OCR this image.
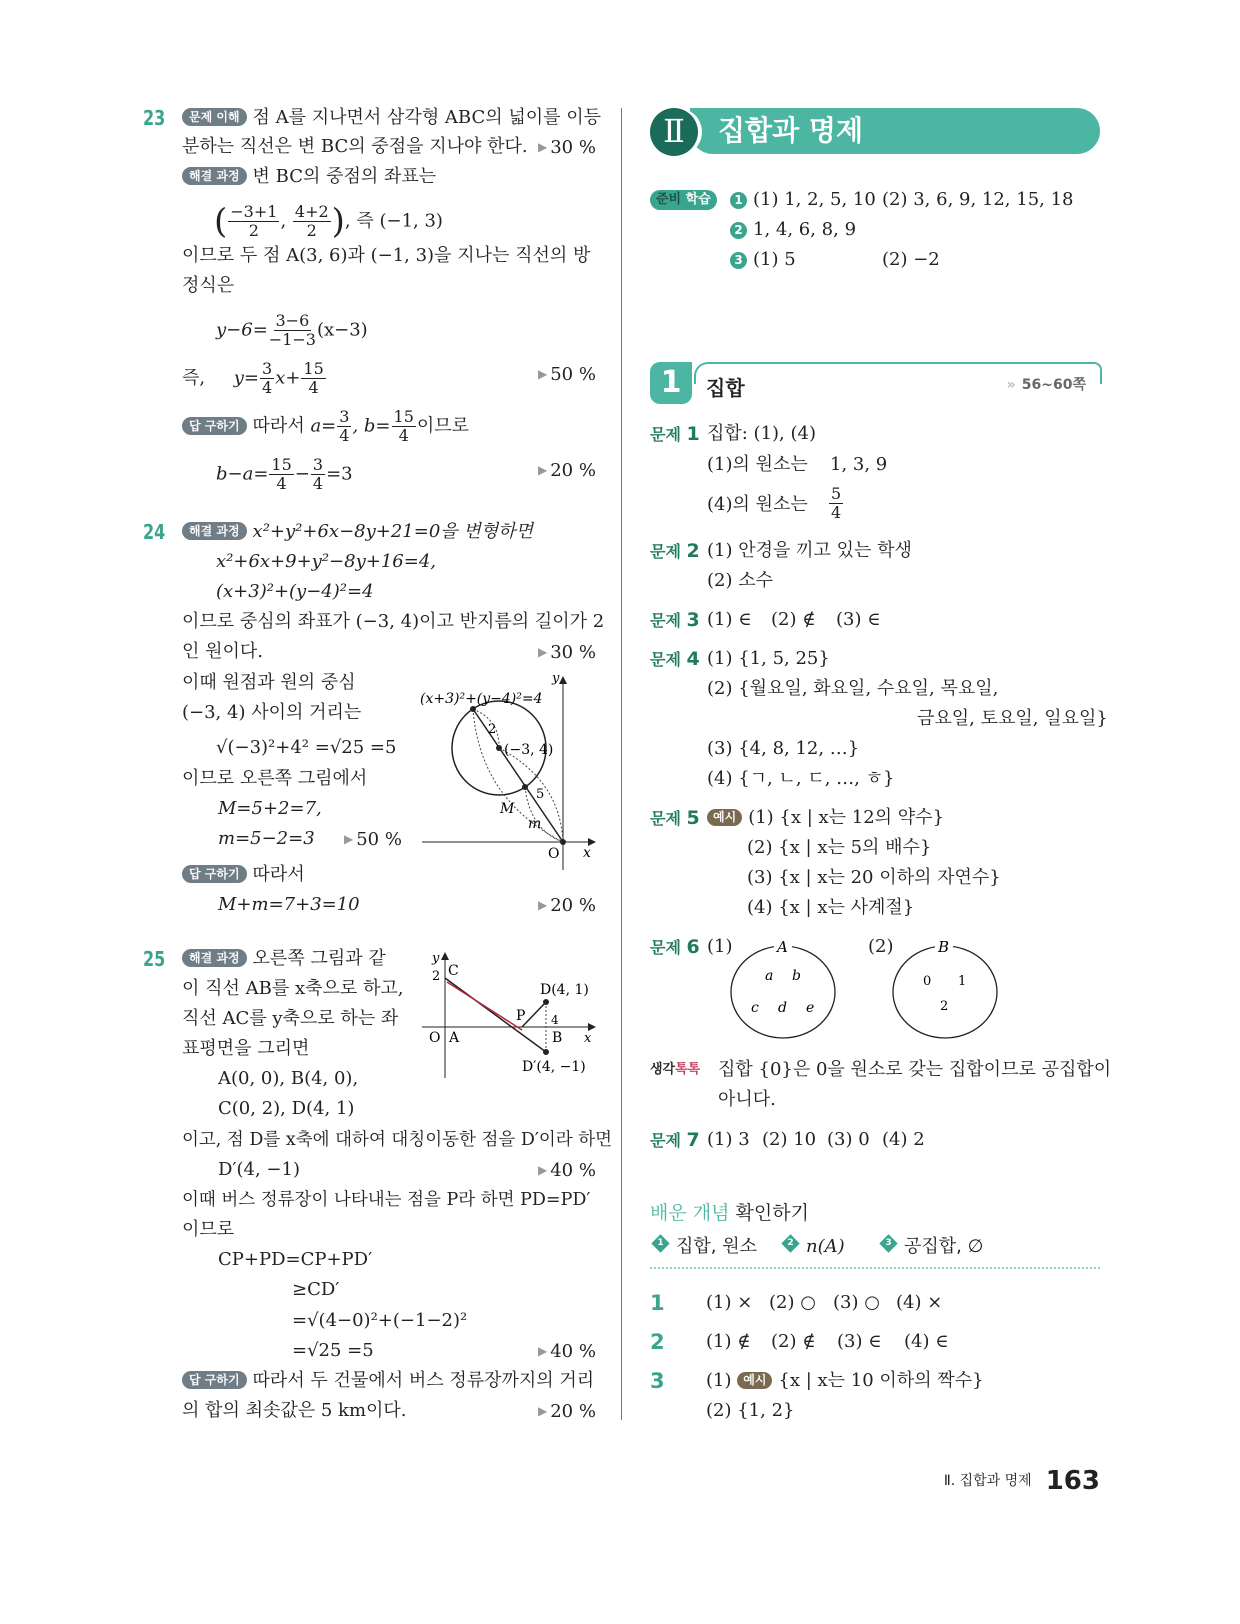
23	문제 이해 점 A를 지나면서 삼각형 ABC의 넓이를 이등
분하는 직선은 변 BC의 중점을 지나야 한다. ▶ 30 %
해결 과정 변 BC의 중점의 좌표는
( $\frac{-3+1}{2}$ , $\frac{4+2}{2}$ ), 즉 (−1, 3)
이므로 두 점 A(3, 6)과 (−1, 3)을 지나는 직선의 방
정식은
$y-6= \frac{3-6}{-1-3} (x-3)$
즉, $y= \frac{3}{4} x+ \frac{15}{4}$	▶ 50 %
답 구하기 따라서 $a= \frac{3}{4}$ , $b= \frac{15}{4}$ 이므로
$b-a= \frac{15}{4} - \frac{3}{4} =3$	▶ 20 %
24	해결 과정 x²+y²+6x−8y+21=0을 변형하면
x²+6x+9+y²−8y+16=4,
(x+3)²+(y−4)²=4
이므로 중심의 좌표가 (−3, 4)이고 반지름의 길이가 2
인 원이다.	▶ 30 %
이때 원점과 원의 중심
(−3, 4) 사이의 거리는
√(−3)²+4² =√25 =5
이므로 오른쪽 그림에서
M=5+2=7,
m=5−2=3 ▶ 50 %
답 구하기 따라서
M+m=7+3=10	▶ 20 %
(x+3)²+(y−4)²=4
2
(−3, 4)
5
M
m
O x
y
25	해결 과정 오른쪽 그림과 같
이 직선 AB를 x축으로 하고,
직선 AC를 y축으로 하는 좌
표평면을 그리면
A(0, 0), B(4, 0),
C(0, 2), D(4, 1)
이고, 점 D를 x축에 대하여 대칭이동한 점을 D′이라 하면
D′(4, −1)	▶ 40 %
이때 버스 정류장이 나타내는 점을 P라 하면 PD=PD′
이므로
CP+PD=CP+PD′
≥CD′
=√(4−0)²+(−1−2)²
=√25 =5	▶ 40 %
답 구하기 따라서 두 건물에서 버스 정류장까지의 거리
의 합의 최솟값은 5 km이다.	▶ 20 %
y
2 C
D(4, 1)
P 4
B
O A	x
D′(4, −1)
Ⅱ	집합과 명제
준비 학습	1 (1) 1, 2, 5, 10 (2) 3, 6, 9, 12, 15, 18
2 1, 4, 6, 8, 9
3 (1) 5	(2) −2
1	집합	» 56~60쪽
문제 1 집합: (1), (4)
(1)의 원소는 1, 3, 9
(4)의 원소는 $\frac{5}{4}$
문제 2 (1) 안경을 끼고 있는 학생
(2) 소수
문제 3 (1) ∈ (2) ∉ (3) ∈
문제 4 (1) {1, 5, 25}
(2) {월요일, 화요일, 수요일, 목요일,
금요일, 토요일, 일요일}
(3) {4, 8, 12, …}
(4) {ㄱ, ㄴ, ㄷ, …, ㅎ}
문제 5	예시 (1) {x | x는 12의 약수}
(2) {x | x는 5의 배수}
(3) {x | x는 20 이하의 자연수}
(4) {x | x는 사계절}
문제 6 (1)	(2)
A
a b
c d e
B
0 1
2
생각톡톡 집합 {0}은 0을 원소로 갖는 집합이므로 공집합이
아니다.
문제 7 (1) 3 (2) 10 (3) 0 (4) 2
배운 개념 확인하기
1 집합, 원소	2 n(A)	3 공집합, ∅
1 (1) × (2) ○ (3) ○ (4) ×
2 (1) ∉ (2) ∉ (3) ∈ (4) ∈
3 (1) 예시 {x | x는 10 이하의 짝수}
(2) {1, 2}
$^{Ⅱ. 집합과 명제}$ 163
